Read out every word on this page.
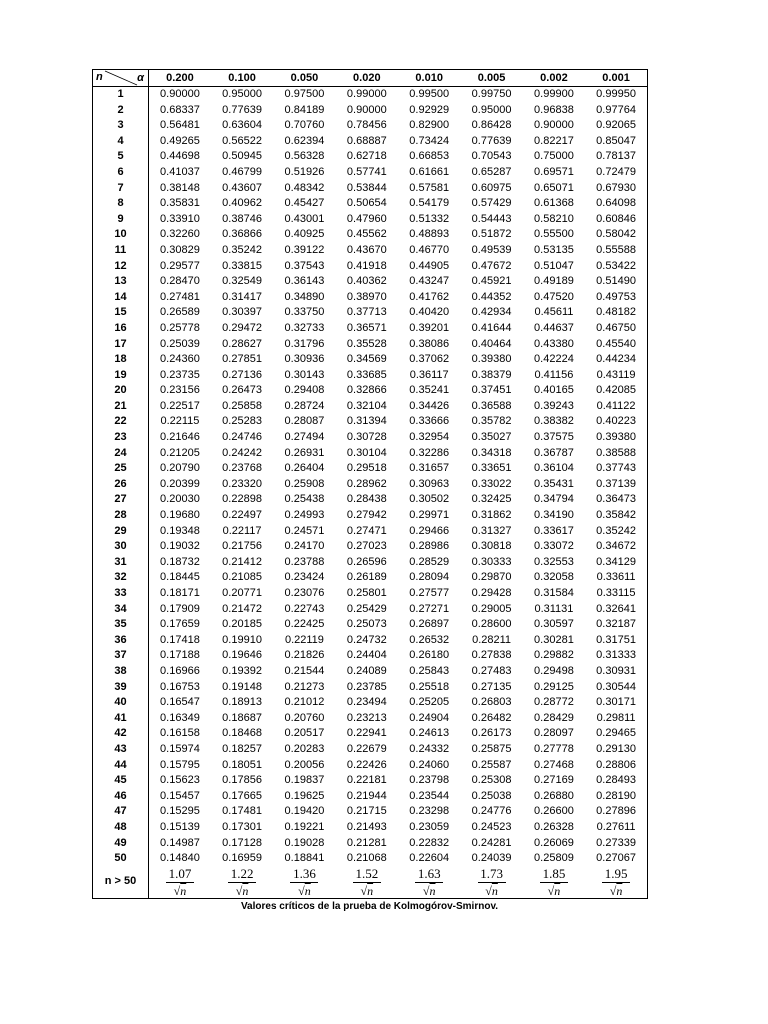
n α	0.200	0.100	0.050	0.020	0.010	0.005	0.002	0.001
1	0.90000	0.95000	0.97500	0.99000	0.99500	0.99750	0.99900	0.99950
2	0.68337	0.77639	0.84189	0.90000	0.92929	0.95000	0.96838	0.97764
3	0.56481	0.63604	0.70760	0.78456	0.82900	0.86428	0.90000	0.92065
4	0.49265	0.56522	0.62394	0.68887	0.73424	0.77639	0.82217	0.85047
5	0.44698	0.50945	0.56328	0.62718	0.66853	0.70543	0.75000	0.78137
6	0.41037	0.46799	0.51926	0.57741	0.61661	0.65287	0.69571	0.72479
7	0.38148	0.43607	0.48342	0.53844	0.57581	0.60975	0.65071	0.67930
8	0.35831	0.40962	0.45427	0.50654	0.54179	0.57429	0.61368	0.64098
9	0.33910	0.38746	0.43001	0.47960	0.51332	0.54443	0.58210	0.60846
10	0.32260	0.36866	0.40925	0.45562	0.48893	0.51872	0.55500	0.58042
11	0.30829	0.35242	0.39122	0.43670	0.46770	0.49539	0.53135	0.55588
12	0.29577	0.33815	0.37543	0.41918	0.44905	0.47672	0.51047	0.53422
13	0.28470	0.32549	0.36143	0.40362	0.43247	0.45921	0.49189	0.51490
14	0.27481	0.31417	0.34890	0.38970	0.41762	0.44352	0.47520	0.49753
15	0.26589	0.30397	0.33750	0.37713	0.40420	0.42934	0.45611	0.48182
16	0.25778	0.29472	0.32733	0.36571	0.39201	0.41644	0.44637	0.46750
17	0.25039	0.28627	0.31796	0.35528	0.38086	0.40464	0.43380	0.45540
18	0.24360	0.27851	0.30936	0.34569	0.37062	0.39380	0.42224	0.44234
19	0.23735	0.27136	0.30143	0.33685	0.36117	0.38379	0.41156	0.43119
20	0.23156	0.26473	0.29408	0.32866	0.35241	0.37451	0.40165	0.42085
21	0.22517	0.25858	0.28724	0.32104	0.34426	0.36588	0.39243	0.41122
22	0.22115	0.25283	0.28087	0.31394	0.33666	0.35782	0.38382	0.40223
23	0.21646	0.24746	0.27494	0.30728	0.32954	0.35027	0.37575	0.39380
24	0.21205	0.24242	0.26931	0.30104	0.32286	0.34318	0.36787	0.38588
25	0.20790	0.23768	0.26404	0.29518	0.31657	0.33651	0.36104	0.37743
26	0.20399	0.23320	0.25908	0.28962	0.30963	0.33022	0.35431	0.37139
27	0.20030	0.22898	0.25438	0.28438	0.30502	0.32425	0.34794	0.36473
28	0.19680	0.22497	0.24993	0.27942	0.29971	0.31862	0.34190	0.35842
29	0.19348	0.22117	0.24571	0.27471	0.29466	0.31327	0.33617	0.35242
30	0.19032	0.21756	0.24170	0.27023	0.28986	0.30818	0.33072	0.34672
31	0.18732	0.21412	0.23788	0.26596	0.28529	0.30333	0.32553	0.34129
32	0.18445	0.21085	0.23424	0.26189	0.28094	0.29870	0.32058	0.33611
33	0.18171	0.20771	0.23076	0.25801	0.27577	0.29428	0.31584	0.33115
34	0.17909	0.21472	0.22743	0.25429	0.27271	0.29005	0.31131	0.32641
35	0.17659	0.20185	0.22425	0.25073	0.26897	0.28600	0.30597	0.32187
36	0.17418	0.19910	0.22119	0.24732	0.26532	0.28211	0.30281	0.31751
37	0.17188	0.19646	0.21826	0.24404	0.26180	0.27838	0.29882	0.31333
38	0.16966	0.19392	0.21544	0.24089	0.25843	0.27483	0.29498	0.30931
39	0.16753	0.19148	0.21273	0.23785	0.25518	0.27135	0.29125	0.30544
40	0.16547	0.18913	0.21012	0.23494	0.25205	0.26803	0.28772	0.30171
41	0.16349	0.18687	0.20760	0.23213	0.24904	0.26482	0.28429	0.29811
42	0.16158	0.18468	0.20517	0.22941	0.24613	0.26173	0.28097	0.29465
43	0.15974	0.18257	0.20283	0.22679	0.24332	0.25875	0.27778	0.29130
44	0.15795	0.18051	0.20056	0.22426	0.24060	0.25587	0.27468	0.28806
45	0.15623	0.17856	0.19837	0.22181	0.23798	0.25308	0.27169	0.28493
46	0.15457	0.17665	0.19625	0.21944	0.23544	0.25038	0.26880	0.28190
47	0.15295	0.17481	0.19420	0.21715	0.23298	0.24776	0.26600	0.27896
48	0.15139	0.17301	0.19221	0.21493	0.23059	0.24523	0.26328	0.27611
49	0.14987	0.17128	0.19028	0.21281	0.22832	0.24281	0.26069	0.27339
50	0.14840	0.16959	0.18841	0.21068	0.22604	0.24039	0.25809	0.27067
n > 50	$\frac{1.07}{√n}$	$\frac{1.22}{√n}$	$\frac{1.36}{√n}$	$\frac{1.52}{√n}$	$\frac{1.63}{√n}$	$\frac{1.73}{√n}$	$\frac{1.85}{√n}$	$\frac{1.95}{√n}$
Valores críticos de la prueba de Kolmogórov-Smirnov.
